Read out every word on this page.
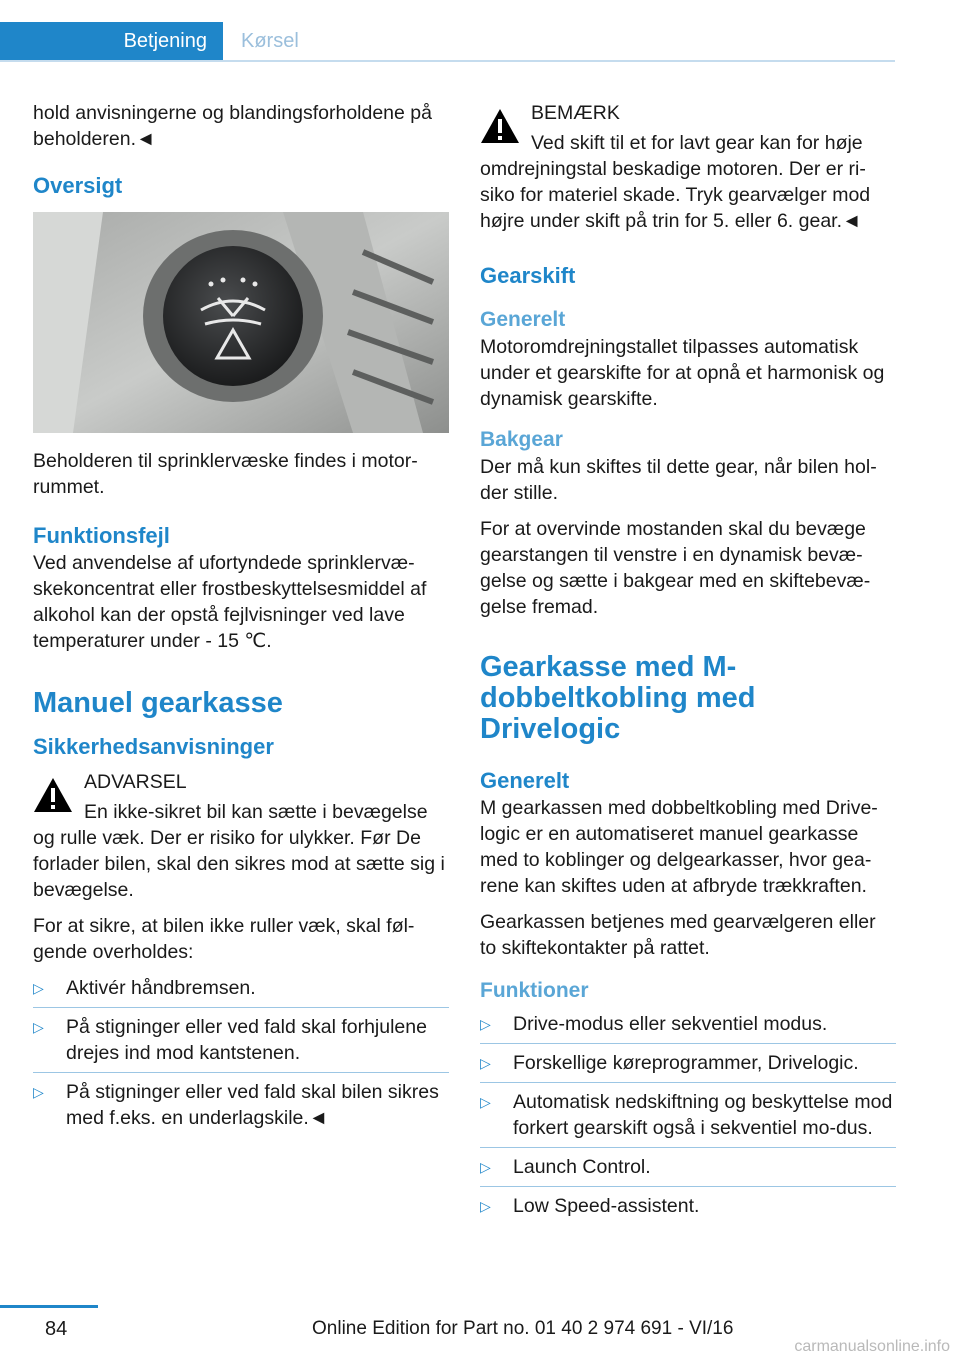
Betjening	Kørsel

hold anvisningerne og blandingsforholdene på beholderen.◄

Oversigt

Beholderen til sprinklervæske findes i motor‐rummet.

Funktionsfejl

Ved anvendelse af ufortyndede sprinklervæ‐skekoncentrat eller frostbeskyttelsesmiddel af alkohol kan der opstå fejlvisninger ved lave temperaturer under - 15 ℃.

Manuel gearkasse
Sikkerhedsanvisninger
ADVARSEL

En ikke-sikret bil kan sætte i bevægelse og rulle væk. Der er risiko for ulykker. Før De forlader bilen, skal den sikres mod at sætte sig i bevægelse.

For at sikre, at bilen ikke ruller væk, skal føl‐gende overholdes:

▷ Aktivér håndbremsen.
▷ På stigninger eller ved fald skal forhjulene drejes ind mod kantstenen.
▷ På stigninger eller ved fald skal bilen sikres med f.eks. en underlagskile.◄
BEMÆRK

Ved skift til et for lavt gear kan for høje omdrejningstal beskadige motoren. Der er ri‐siko for materiel skade. Tryk gearvælger mod højre under skift på trin for 5. eller 6. gear.◄

Gearskift
Generelt

Motoromdrejningstallet tilpasses automatisk under et gearskifte for at opnå et harmonisk og dynamisk gearskifte.

Bakgear

Der må kun skiftes til dette gear, når bilen hol‐der stille.

For at overvinde mostanden skal du bevæge gearstangen til venstre i en dynamisk bevæ‐gelse og sætte i bakgear med en skiftebevæ‐gelse fremad.

Gearkasse med M-dobbeltkobling med Drivelogic
Generelt

M gearkassen med dobbeltkobling med Drive‐logic er en automatiseret manuel gearkasse med to koblinger og delgearkasser, hvor gea‐rene kan skiftes uden at afbryde trækkraften.

Gearkassen betjenes med gearvælgeren eller to skiftekontakter på rattet.

Funktioner
▷ Drive-modus eller sekventiel modus.
▷ Forskellige køreprogrammer, Drivelogic.
▷ Automatisk nedskiftning og beskyttelse mod forkert gearskift også i sekventiel mo‐dus.
▷ Launch Control.
▷ Low Speed-assistent.
84	Online Edition for Part no. 01 40 2 974 691 - VI/16
carmanualsonline.info
